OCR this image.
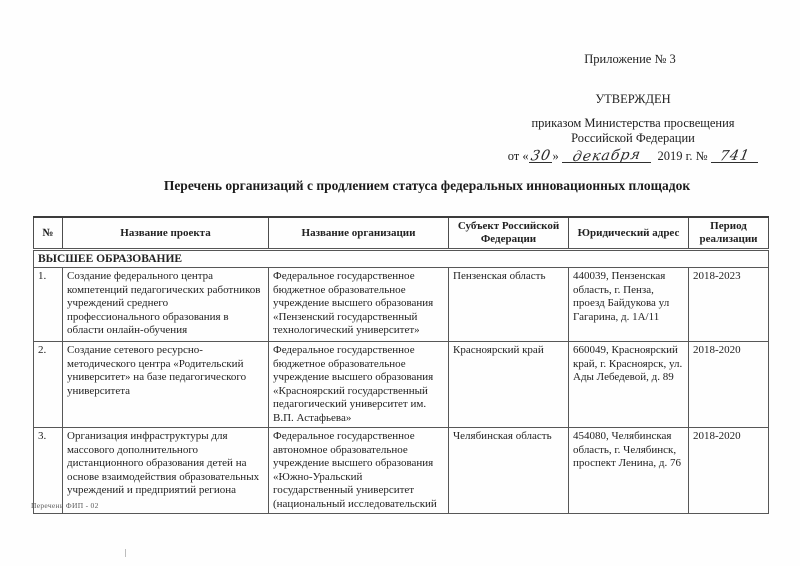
Приложение № 3
УТВЕРЖДЕН
приказом Министерства просвещения
Российской Федерации
от «30» декабря 2019 г. № 741
Перечень организаций с продлением статуса федеральных инновационных площадок
№	Название проекта	Название организации	Субъект Российской Федерации	Юридический адрес	Период реализации
ВЫСШЕЕ ОБРАЗОВАНИЕ					
1.	Создание федерального центра компетенций педагогических работников учреждений среднего профессионального образования в области онлайн-обучения	Федеральное государственное бюджетное образовательное учреждение высшего образования «Пензенский государственный технологический университет»	Пензенская область	440039, Пензенская область, г. Пенза, проезд Байдукова ул Гагарина, д. 1А/11	2018-2023
2.	Создание сетевого ресурсно-методического центра «Родительский университет» на базе педагогического университета	Федеральное государственное бюджетное образовательное учреждение высшего образования «Красноярский государственный педагогический университет им. В.П. Астафьева»	Красноярский край	660049, Красноярский край, г. Красноярск, ул. Ады Лебедевой, д. 89	2018-2020
3.	Организация инфраструктуры для массового дополнительного дистанционного образования детей на основе взаимодействия образовательных учреждений и предприятий региона	Федеральное государственное автономное образовательное учреждение высшего образования «Южно-Уральский государственный университет (национальный исследовательский	Челябинская область	454080, Челябинская область, г. Челябинск, проспект Ленина, д. 76	2018-2020
Перечень ФИП - 02
